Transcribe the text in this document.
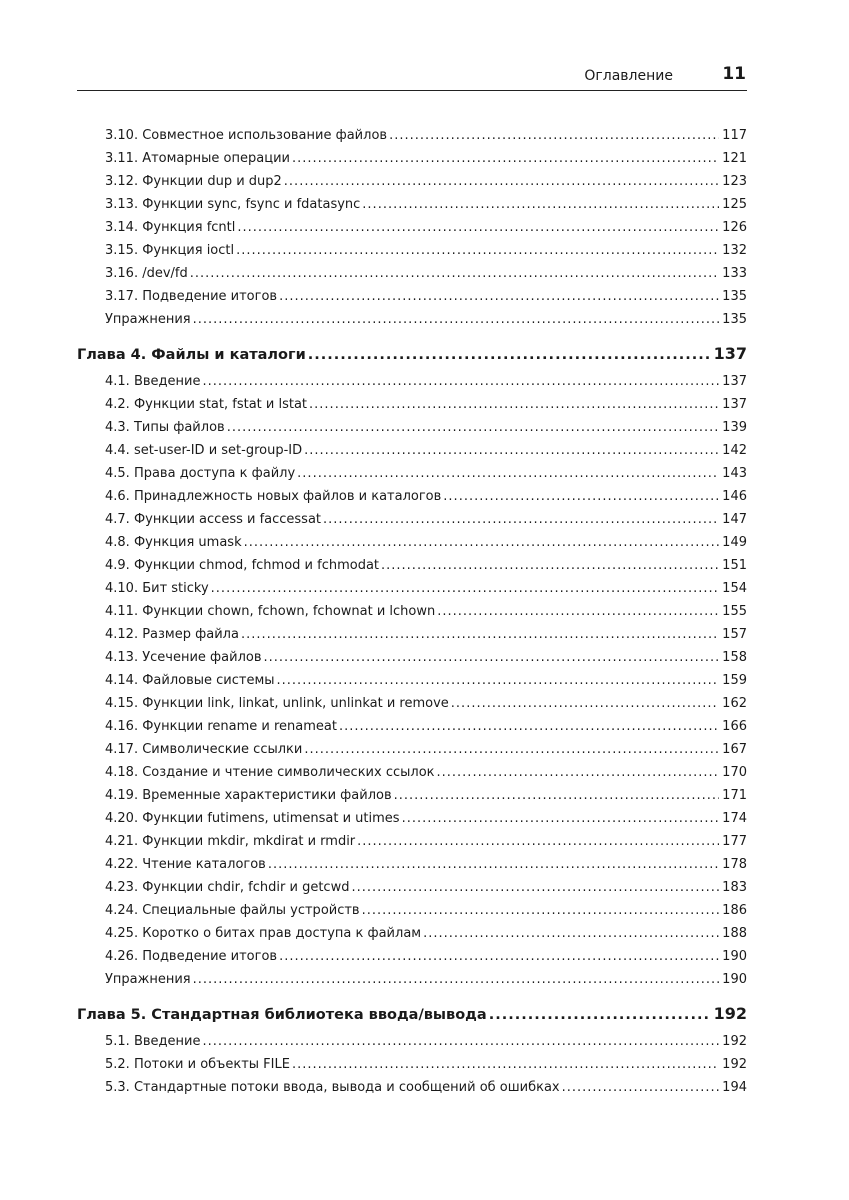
Оглавление	11
3.10. Совместное использование файлов .....	117
3.11. Атомарные операции .....	121
3.12. Функции dup и dup2 .....	123
3.13. Функции sync, fsync и fdatasync .....	125
3.14. Функция fcntl .....	126
3.15. Функция ioctl .....	132
3.16. /dev/fd .....	133
3.17. Подведение итогов .....	135
Упражнения .....	135
Глава 4. Файлы и каталоги .....	137
4.1. Введение .....	137
4.2. Функции stat, fstat и lstat .....	137
4.3. Типы файлов .....	139
4.4. set-user-ID и set-group-ID .....	142
4.5. Права доступа к файлу .....	143
4.6. Принадлежность новых файлов и каталогов .....	146
4.7. Функции access и faccessat .....	147
4.8. Функция umask .....	149
4.9. Функции chmod, fchmod и fchmodat .....	151
4.10. Бит sticky .....	154
4.11. Функции chown, fchown, fchownat и lchown .....	155
4.12. Размер файла .....	157
4.13. Усечение файлов .....	158
4.14. Файловые системы .....	159
4.15. Функции link, linkat, unlink, unlinkat и remove .....	162
4.16. Функции rename и renameat .....	166
4.17. Символические ссылки .....	167
4.18. Создание и чтение символических ссылок .....	170
4.19. Временные характеристики файлов .....	171
4.20. Функции futimens, utimensat и utimes .....	174
4.21. Функции mkdir, mkdirat и rmdir .....	177
4.22. Чтение каталогов .....	178
4.23. Функции chdir, fchdir и getcwd .....	183
4.24. Специальные файлы устройств .....	186
4.25. Коротко о битах прав доступа к файлам .....	188
4.26. Подведение итогов .....	190
Упражнения .....	190
Глава 5. Стандартная библиотека ввода/вывода .....	192
5.1. Введение .....	192
5.2. Потоки и объекты FILE .....	192
5.3. Стандартные потоки ввода, вывода и сообщений об ошибках .....	194
